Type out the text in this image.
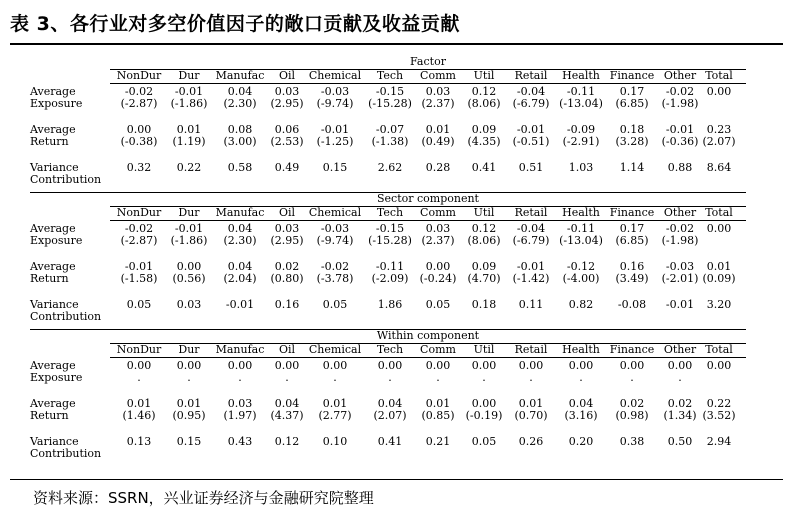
表 3、各行业对多空价值因子的敞口贡献及收益贡献
Factor
NonDur	Dur	Manufac	Oil	Chemical	Tech	Comm	Util	Retail	Health Finance Other Total
Average	-0.02	-0.01	0.04	0.03	-0.03	-0.15	0.03	0.12	-0.04	-0.11	0.17	-0.02	0.00
Exposure	(-2.87)	(-1.86)	(2.30)	(2.95)	(-9.74)	(-15.28) (2.37)	(8.06)	(-6.79) (-13.04)	(6.85)	(-1.98)
Average	0.00	0.01	0.08	0.06	-0.01	-0.07	0.01	0.09	-0.01	-0.09	0.18	-0.01	0.23
Return	(-0.38)	(1.19)	(3.00)	(2.53)	(-1.25)	(-1.38)	(0.49)	(4.35)	(-0.51)	(-2.91)	(3.28)	(-0.36) (2.07)
Variance	0.32	0.22	0.58	0.49	0.15	2.62	0.28	0.41	0.51	1.03	1.14	0.88	8.64
Contribution
Sector component
NonDur	Dur	Manufac	Oil	Chemical	Tech	Comm	Util	Retail	Health Finance Other Total
Average	-0.02	-0.01	0.04	0.03	-0.03	-0.15	0.03	0.12	-0.04	-0.11	0.17	-0.02	0.00
Exposure	(-2.87)	(-1.86)	(2.30)	(2.95)	(-9.74)	(-15.28) (2.37)	(8.06)	(-6.79) (-13.04)	(6.85)	(-1.98)
Average	-0.01	0.00	0.04	0.02	-0.02	-0.11	0.00	0.09	-0.01	-0.12	0.16	-0.03	0.01
Return	(-1.58)	(0.56)	(2.04)	(0.80)	(-3.78)	(-2.09)	(-0.24)	(4.70)	(-1.42)	(-4.00)	(3.49)	(-2.01) (0.09)
Variance	0.05	0.03	-0.01	0.16	0.05	1.86	0.05	0.18	0.11	0.82	-0.08	-0.01	3.20
Contribution
Within component
NonDur	Dur	Manufac	Oil	Chemical	Tech	Comm	Util	Retail	Health Finance Other Total
Average	0.00	0.00	0.00	0.00	0.00	0.00	0.00	0.00	0.00	0.00	0.00	0.00	0.00
Exposure	.	.	.	.	.	.	.	.	.	.	.	.
Average	0.01	0.01	0.03	0.04	0.01	0.04	0.01	0.00	0.01	0.04	0.02	0.02	0.22
Return	(1.46)	(0.95)	(1.97)	(4.37)	(2.77)	(2.07)	(0.85)	(-0.19)	(0.70)	(3.16)	(0.98)	(1.34) (3.52)
Variance	0.13	0.15	0.43	0.12	0.10	0.41	0.21	0.05	0.26	0.20	0.38	0.50	2.94
Contribution
资料来源：SSRN，兴业证券经济与金融研究院整理
